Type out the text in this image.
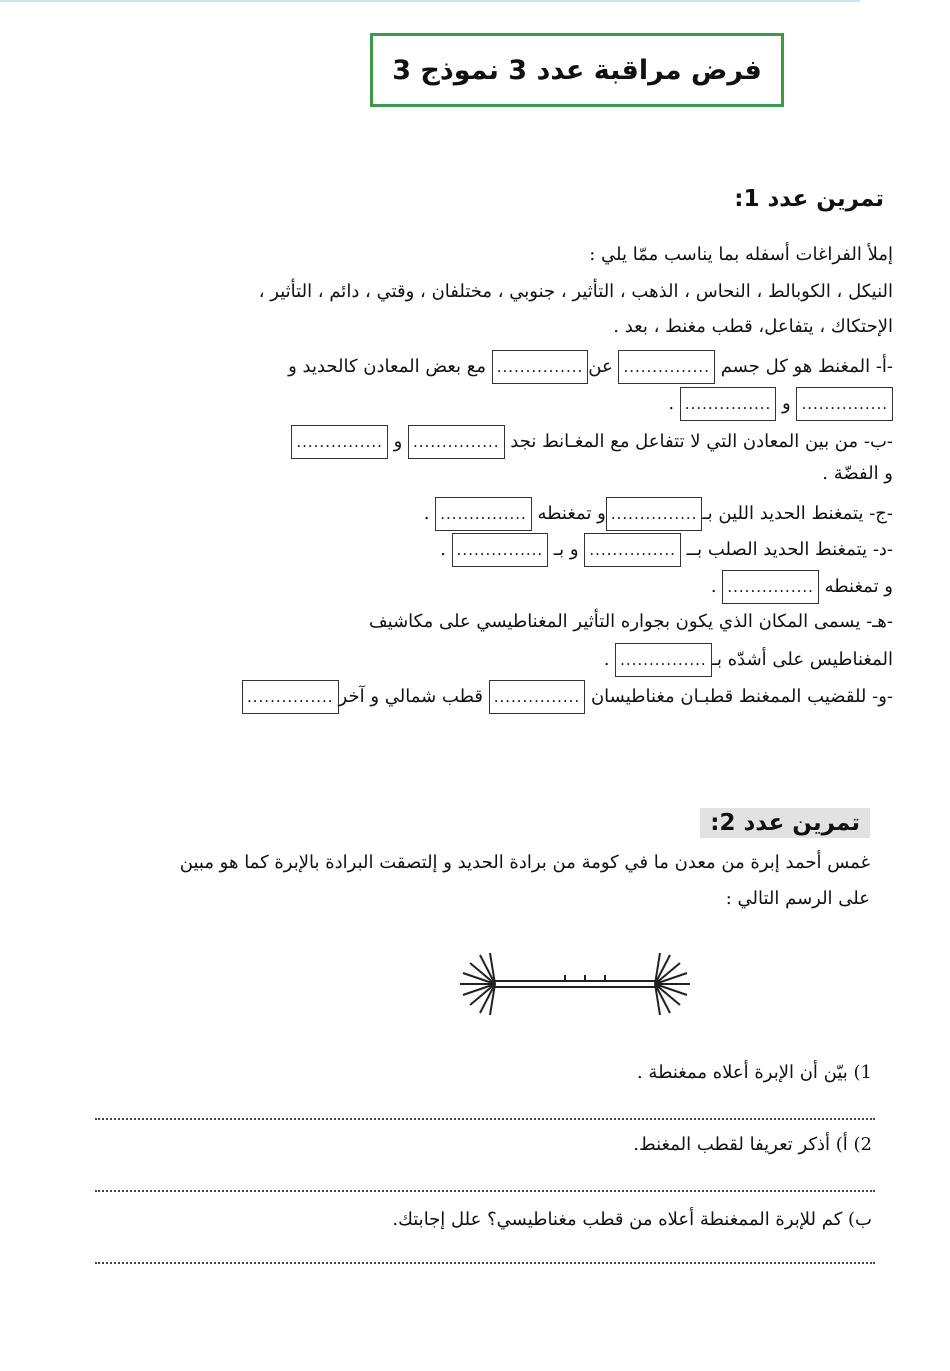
فرض مراقبة عدد 3 نموذج 3
تمرين عدد 1:
إملأ الفراغات أسفله بما يناسب ممّا يلي :
النيكل ، الكوبالط ، النحاس ، الذهب ، التأثير ، جنوبي ، مختلفان ، وقتي ، دائم ، التأثير ،
الإحتكاك ، يتفاعل، قطب مغنط ، بعد .
-أ- المغنط هو كل جسم ............... عن............... مع بعض المعادن كالحديد و
............... و ............... .
-ب- من بين المعادن التي لا تتفاعل مع المغـانط نجد ............... و ...............
و الفضّة .
-ج- يتمغنط الحديد اللين بـ...............و تمغنطه ............... .
-د- يتمغنط الحديد الصلب بــ ............... و بـ ............... .
و تمغنطه ............... .
-هـ- يسمى المكان الذي يكون بجواره التأثير المغناطيسي على مكاشيف
المغناطيس على أشدّه بـ............... .
-و- للقضيب الممغنط قطبـان مغناطيسان ............... قطب شمالي و آخر...............
تمرين عدد 2:
غمس أحمد إبرة من معدن ما في كومة من برادة الحديد و إلتصقت البرادة بالإبرة كما هو مبين
على الرسم التالي :
1) بيّن أن الإبرة أعلاه ممغنطة .
2) أ) أذكر تعريفا لقطب المغنط.
ب) كم للإبرة الممغنطة أعلاه من قطب مغناطيسي؟ علل إجابتك.
